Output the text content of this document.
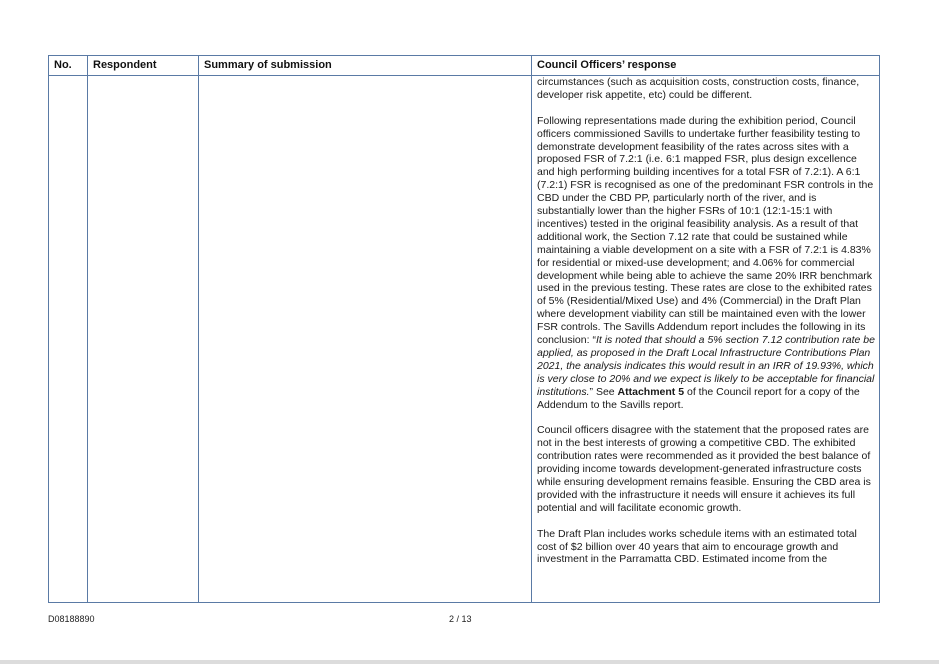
No.	Respondent	Summary of submission	Council Officers’ response

			circumstances (such as acquisition costs, construction costs, finance, developer risk appetite, etc) could be different.

Following representations made during the exhibition period, Council officers commissioned Savills to undertake further feasibility testing to demonstrate development feasibility of the rates across sites with a proposed FSR of 7.2:1 (i.e. 6:1 mapped FSR, plus design excellence and high performing building incentives for a total FSR of 7.2:1). A 6:1 (7.2:1) FSR is recognised as one of the predominant FSR controls in the CBD under the CBD PP, particularly north of the river, and is substantially lower than the higher FSRs of 10:1 (12:1-15:1 with incentives) tested in the original feasibility analysis. As a result of that additional work, the Section 7.12 rate that could be sustained while maintaining a viable development on a site with a FSR of 7.2:1 is 4.83% for residential or mixed-use development; and 4.06% for commercial development while being able to achieve the same 20% IRR benchmark used in the previous testing. These rates are close to the exhibited rates of 5% (Residential/Mixed Use) and 4% (Commercial) in the Draft Plan where development viability can still be maintained even with the lower FSR controls. The Savills Addendum report includes the following in its conclusion: “It is noted that should a 5% section 7.12 contribution rate be applied, as proposed in the Draft Local Infrastructure Contributions Plan 2021, the analysis indicates this would result in an IRR of 19.93%, which is very close to 20% and we expect is likely to be acceptable for financial institutions.” See Attachment 5 of the Council report for a copy of the Addendum to the Savills report.

Council officers disagree with the statement that the proposed rates are not in the best interests of growing a competitive CBD. The exhibited contribution rates were recommended as it provided the best balance of providing income towards development-generated infrastructure costs while ensuring development remains feasible. Ensuring the CBD area is provided with the infrastructure it needs will ensure it achieves its full potential and will facilitate economic growth.

The Draft Plan includes works schedule items with an estimated total cost of $2 billion over 40 years that aim to encourage growth and investment in the Parramatta CBD. Estimated income from the

D08188890	2 / 13
